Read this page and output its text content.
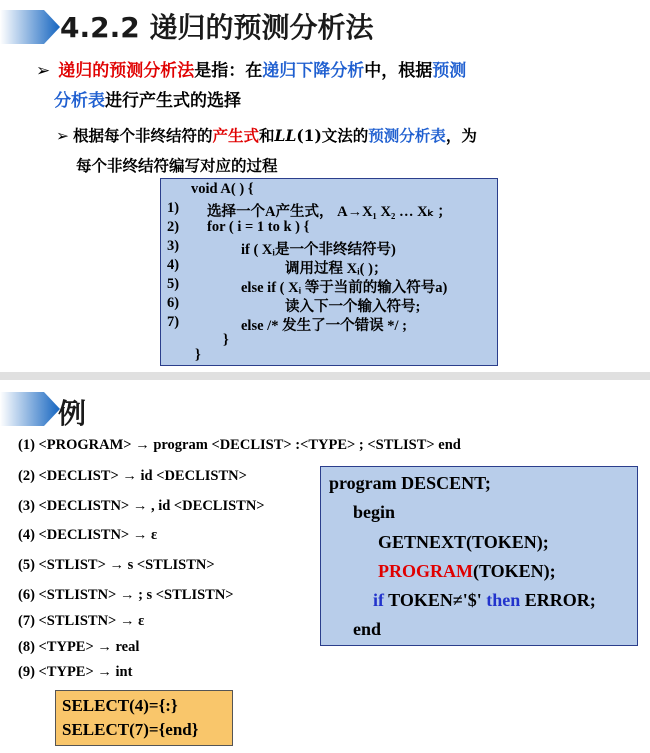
4.2.2 递归的预测分析法
➢ 递归的预测分析法是指：在递归下降分析中，根据预测
分析表进行产生式的选择
➢ 根据每个非终结符的产生式和LL(1)文法的预测分析表，为
每个非终结符编写对应的过程
void A( ) {
1) 选择一个A产生式， A→X₁ X₂ … Xₖ ；
2) for ( i = 1 to k ) {
3)	if ( Xᵢ是一个非终结符号)
4)	调用过程 Xᵢ( )；
5)	else if ( Xᵢ 等于当前的输入符号a)
6)	读入下一个输入符号;
7)	else /* 发生了一个错误 */ ;
}
}
例
(1) <PROGRAM> → program <DECLIST> :<TYPE> ; <STLIST> end
(2) <DECLIST> → id <DECLISTN>
(3) <DECLISTN> → , id <DECLISTN>
(4) <DECLISTN> → ε
(5) <STLIST> → s <STLISTN>
(6) <STLISTN> → ; s <STLISTN>
(7) <STLISTN> → ε
(8) <TYPE> → real
(9) <TYPE> → int
program DESCENT;
begin
GETNEXT(TOKEN);
PROGRAM(TOKEN);
if TOKEN≠'$' then ERROR;
end
SELECT(4)={:}
SELECT(7)={end}
